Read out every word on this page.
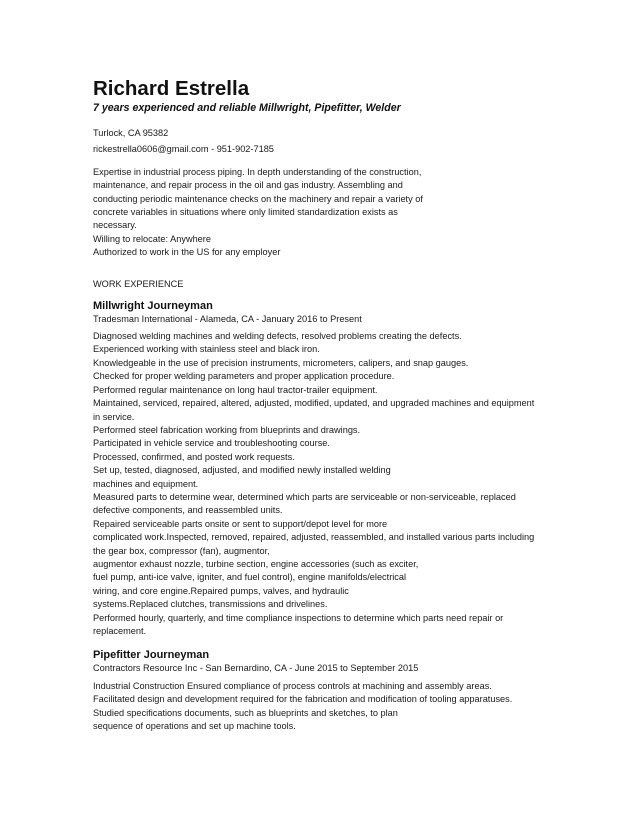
Richard Estrella

7 years experienced and reliable Millwright, Pipefitter, Welder

Turlock, CA 95382

rickestrella0606@gmail.com - 951-902-7185

Expertise in industrial process piping. In depth understanding of the construction,

maintenance, and repair process in the oil and gas industry. Assembling and

conducting periodic maintenance checks on the machinery and repair a variety of

concrete variables in situations where only limited standardization exists as

necessary.

Willing to relocate: Anywhere

Authorized to work in the US for any employer

WORK EXPERIENCE

Millwright Journeyman

Tradesman International - Alameda, CA - January 2016 to Present

Diagnosed welding machines and welding defects, resolved problems creating the defects.

Experienced working with stainless steel and black iron.

Knowledgeable in the use of precision instruments, micrometers, calipers, and snap gauges.

Checked for proper welding parameters and proper application procedure.

Performed regular maintenance on long haul tractor-trailer equipment.

Maintained, serviced, repaired, altered, adjusted, modified, updated, and upgraded machines and equipment

in service.

Performed steel fabrication working from blueprints and drawings.

Participated in vehicle service and troubleshooting course.

Processed, confirmed, and posted work requests.

Set up, tested, diagnosed, adjusted, and modified newly installed welding

machines and equipment.

Measured parts to determine wear, determined which parts are serviceable or non-serviceable, replaced

defective components, and reassembled units.

Repaired serviceable parts onsite or sent to support/depot level for more

complicated work.Inspected, removed, repaired, adjusted, reassembled, and installed various parts including

the gear box, compressor (fan), augmentor,

augmentor exhaust nozzle, turbine section, engine accessories (such as exciter,

fuel pump, anti-ice valve, igniter, and fuel control), engine manifolds/electrical

wiring, and core engine.Repaired pumps, valves, and hydraulic

systems.Replaced clutches, transmissions and drivelines.

Performed hourly, quarterly, and time compliance inspections to determine which parts need repair or

replacement.

Pipefitter Journeyman

Contractors Resource Inc - San Bernardino, CA - June 2015 to September 2015

Industrial Construction Ensured compliance of process controls at machining and assembly areas.

Facilitated design and development required for the fabrication and modification of tooling apparatuses.

Studied specifications documents, such as blueprints and sketches, to plan

sequence of operations and set up machine tools.
